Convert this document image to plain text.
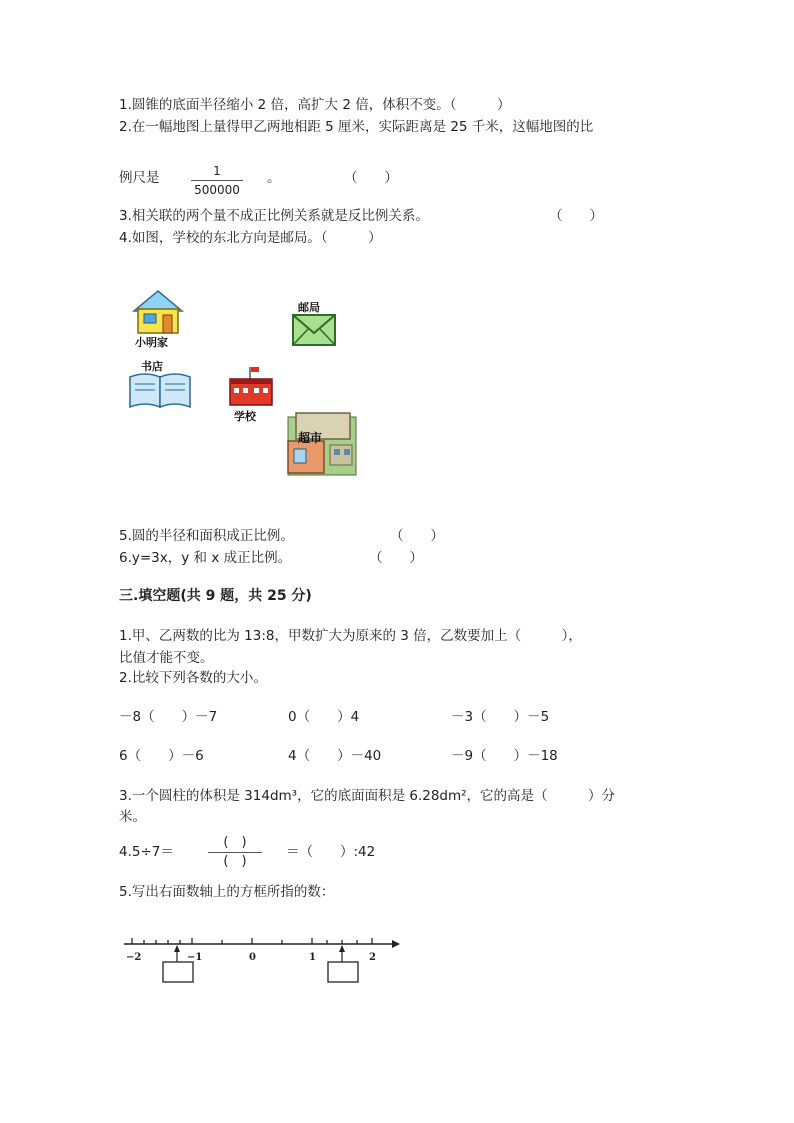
1.圆锥的底面半径缩小 2 倍，高扩大 2 倍，体积不变。（　　　）
2.在一幅地图上量得甲乙两地相距 5 厘米，实际距离是 25 千米，这幅地图的比
例尺是	1
500000
。	（　　）
3.相关联的两个量不成正比例关系就是反比例关系。	（　　）
4.如图，学校的东北方向是邮局。（　　　）
小明家
邮局
书店
学校
超市
5.圆的半径和面积成正比例。	（　　）
6.y=3x，y 和 x 成正比例。	（　　）
三.填空题(共 9 题，共 25 分)
1.甲、乙两数的比为 13:8，甲数扩大为原来的 3 倍，乙数要加上（　　　），
比值才能不变。
2.比较下列各数的大小。
－8（　　）－7	0（　　）4	－3（　　）－5
6（　　）－6	4（　　）－40	－9（　　）－18
3.一个圆柱的体积是 314dm³，它的底面面积是 6.28dm²，它的高是（　　　）分
米。
4.5÷7＝
(　)
(　)
＝（　　）:42
5.写出右面数轴上的方框所指的数：
−2	−1	0	1	2
